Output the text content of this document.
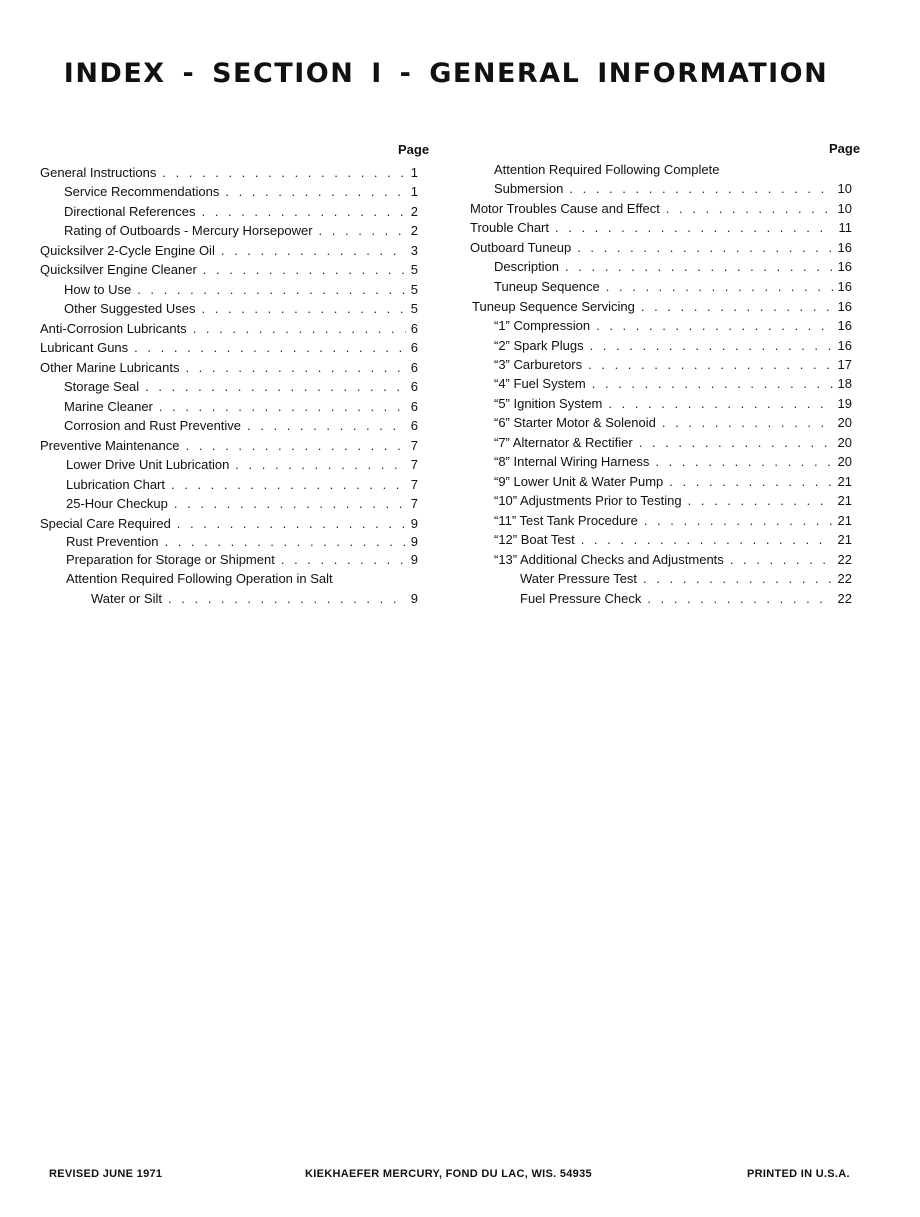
INDEX - SECTION I - GENERAL INFORMATION
Page
General Instructions . . .	1
Service Recommendations . . .	1
Directional References . . .	2
Rating of Outboards - Mercury Horsepower . . .	2
Quicksilver 2-Cycle Engine Oil . . .	3
Quicksilver Engine Cleaner . . .	5
How to Use . . .	5
Other Suggested Uses . . .	5
Anti-Corrosion Lubricants . . .	6
Lubricant Guns . . .	6
Other Marine Lubricants . . .	6
Storage Seal . . .	6
Marine Cleaner . . .	6
Corrosion and Rust Preventive . . .	6
Preventive Maintenance . . .	7
Lower Drive Unit Lubrication . . .	7
Lubrication Chart . . .	7
25-Hour Checkup . . .	7
Special Care Required . . .	9
Rust Prevention . . .	9
Preparation for Storage or Shipment . . .	9
Attention Required Following Operation in Salt
Water or Silt . . .	9
Page
Attention Required Following Complete
Submersion . . .	10
Motor Troubles Cause and Effect . . .	10
Trouble Chart . . .	11
Outboard Tuneup . . .	16
Description . . .	16
Tuneup Sequence . . .	16
Tuneup Sequence Servicing . . .	16
“1” Compression . . .	16
“2” Spark Plugs . . .	16
“3” Carburetors . . .	17
“4” Fuel System . . .	18
“5” Ignition System . . .	19
“6” Starter Motor & Solenoid . . .	20
“7” Alternator & Rectifier . . .	20
“8” Internal Wiring Harness . . .	20
“9” Lower Unit & Water Pump . . .	21
“10” Adjustments Prior to Testing . . .	21
“11” Test Tank Procedure . . .	21
“12” Boat Test . . .	21
“13” Additional Checks and Adjustments . . .	22
Water Pressure Test . . .	22
Fuel Pressure Check . . .	22
REVISED JUNE 1971	KIEKHAEFER MERCURY, FOND DU LAC, WIS. 54935	PRINTED IN U.S.A.
